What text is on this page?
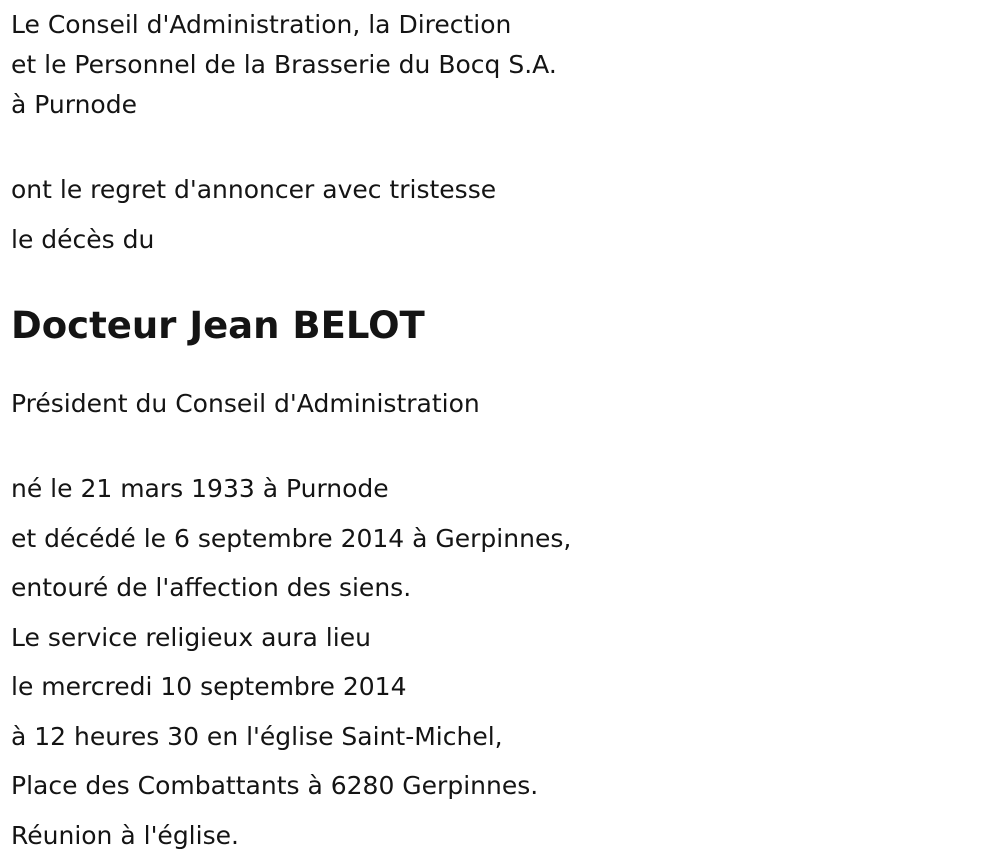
Le Conseil d'Administration, la Direction
et le Personnel de la Brasserie du Bocq S.A.
à Purnode
ont le regret d'annoncer avec tristesse
le décès du
Docteur Jean BELOT
Président du Conseil d'Administration
né le 21 mars 1933 à Purnode
et décédé le 6 septembre 2014 à Gerpinnes,
entouré de l'affection des siens.
Le service religieux aura lieu
le mercredi 10 septembre 2014
à 12 heures 30 en l'église Saint-Michel,
Place des Combattants à 6280 Gerpinnes.
Réunion à l'église.
